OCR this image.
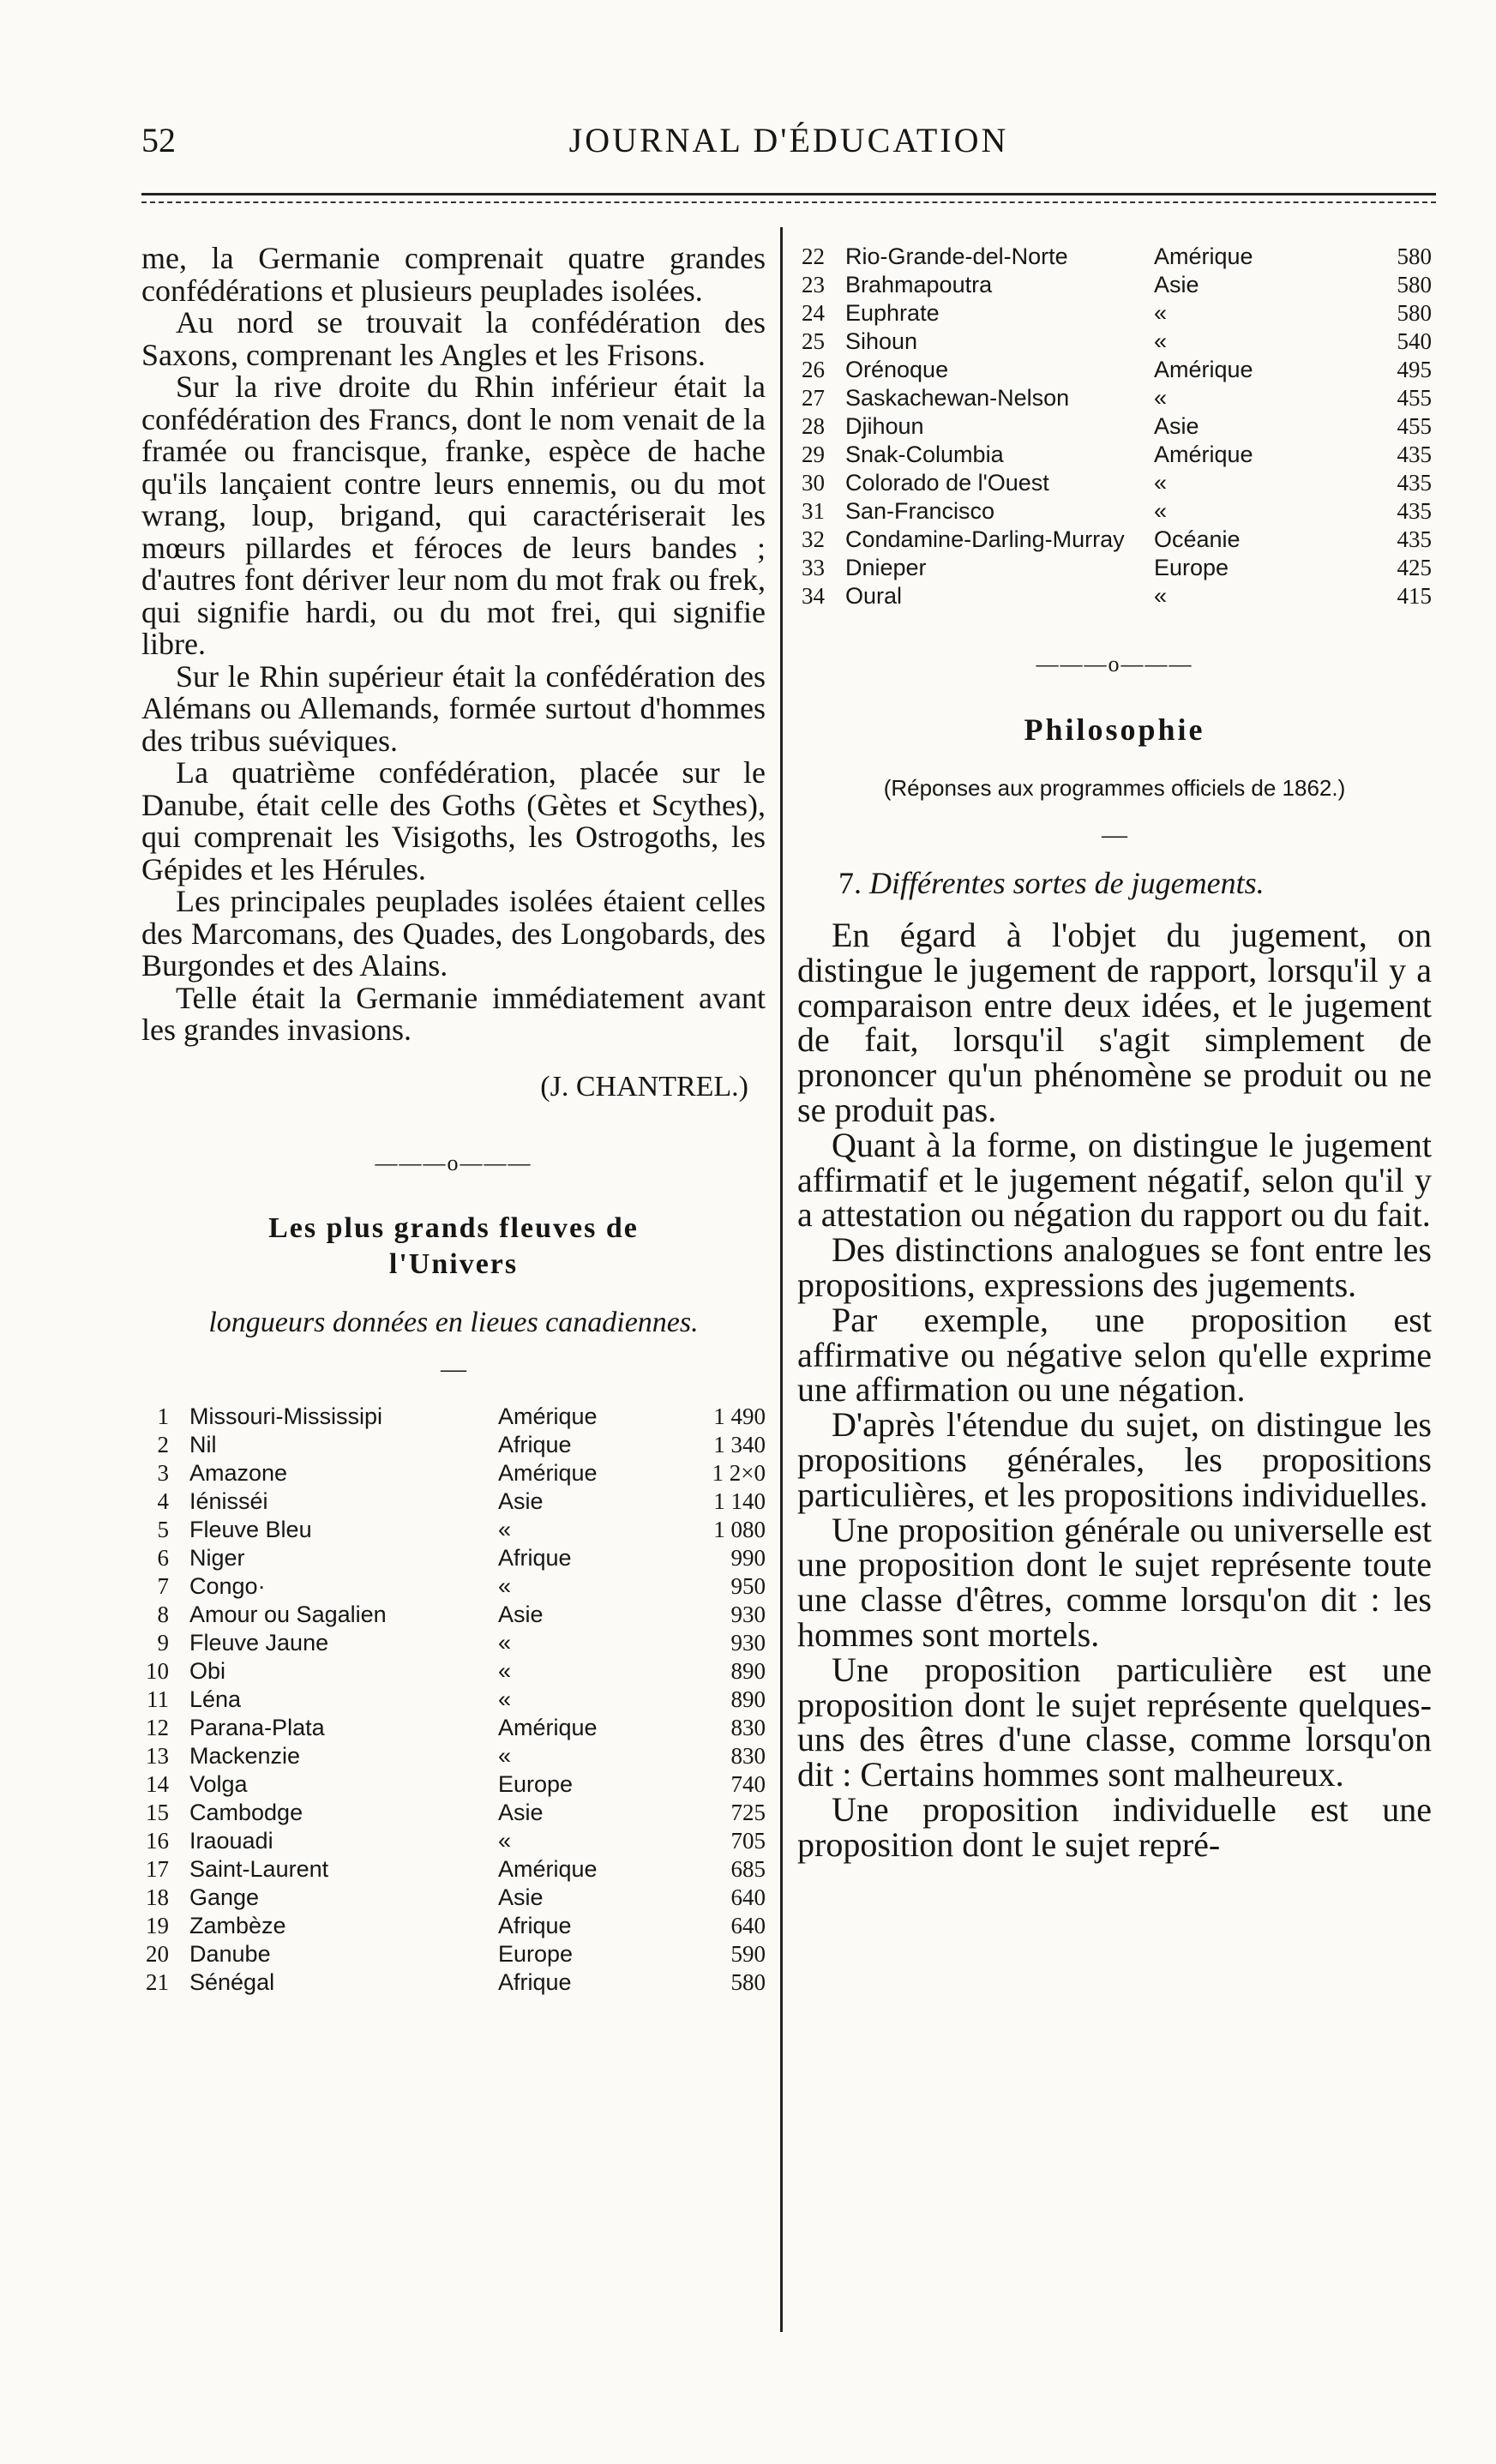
52	JOURNAL D'ÉDUCATION

me, la Germanie comprenait quatre grandes confédérations et plusieurs peuplades isolées.

Au nord se trouvait la confédération des Saxons, comprenant les Angles et les Frisons.

Sur la rive droite du Rhin inférieur était la confédération des Francs, dont le nom venait de la framée ou francisque, franke, espèce de hache qu'ils lançaient contre leurs ennemis, ou du mot wrang, loup, brigand, qui caractériserait les mœurs pillardes et féroces de leurs bandes ; d'autres font dériver leur nom du mot frak ou frek, qui signifie hardi, ou du mot frei, qui signifie libre.

Sur le Rhin supérieur était la confédération des Alémans ou Allemands, formée surtout d'hommes des tribus suéviques.

La quatrième confédération, placée sur le Danube, était celle des Goths (Gètes et Scythes), qui comprenait les Visigoths, les Ostrogoths, les Gépides et les Hérules.

Les principales peuplades isolées étaient celles des Marcomans, des Quades, des Longobards, des Burgondes et des Alains.

Telle était la Germanie immédiatement avant les grandes invasions.

(J. CHANTREL.)
———o———
Les plus grands fleuves de
l'Univers
longueurs données en lieues canadiennes.
—
1	Missouri-Mississipi	Amérique	1 490
2	Nil	Afrique	1 340
3	Amazone	Amérique	1 2×0
4	Iénisséi	Asie	1 140
5	Fleuve Bleu	«	1 080
6	Niger	Afrique	990
7	Congo·	«	950
8	Amour ou Sagalien	Asie	930
9	Fleuve Jaune	«	930
10	Obi	«	890
11	Léna	«	890
12	Parana-Plata	Amérique	830
13	Mackenzie	«	830
14	Volga	Europe	740
15	Cambodge	Asie	725
16	Iraouadi	«	705
17	Saint-Laurent	Amérique	685
18	Gange	Asie	640
19	Zambèze	Afrique	640
20	Danube	Europe	590
21	Sénégal	Afrique	580
22	Rio-Grande-del-Norte	Amérique	580
23	Brahmapoutra	Asie	580
24	Euphrate	«	580
25	Sihoun	«	540
26	Orénoque	Amérique	495
27	Saskachewan-Nelson	«	455
28	Djihoun	Asie	455
29	Snak-Columbia	Amérique	435
30	Colorado de l'Ouest	«	435
31	San-Francisco	«	435
32	Condamine-Darling-Murray	Océanie	435
33	Dnieper	Europe	425
34	Oural	«	415
———o———
Philosophie
(Réponses aux programmes officiels de 1862.)
—
7. Différentes sortes de jugements.

En égard à l'objet du jugement, on distingue le jugement de rapport, lorsqu'il y a comparaison entre deux idées, et le jugement de fait, lorsqu'il s'agit simplement de prononcer qu'un phénomène se produit ou ne se produit pas.

Quant à la forme, on distingue le jugement affirmatif et le jugement négatif, selon qu'il y a attestation ou négation du rapport ou du fait.

Des distinctions analogues se font entre les propositions, expressions des jugements.

Par exemple, une proposition est affirmative ou négative selon qu'elle exprime une affirmation ou une négation.

D'après l'étendue du sujet, on distingue les propositions générales, les propositions particulières, et les propositions individuelles.

Une proposition générale ou universelle est une proposition dont le sujet représente toute une classe d'êtres, comme lorsqu'on dit : les hommes sont mortels.

Une proposition particulière est une proposition dont le sujet représente quelques-uns des êtres d'une classe, comme lorsqu'on dit : Certains hommes sont malheureux.

Une proposition individuelle est une proposition dont le sujet repré-
